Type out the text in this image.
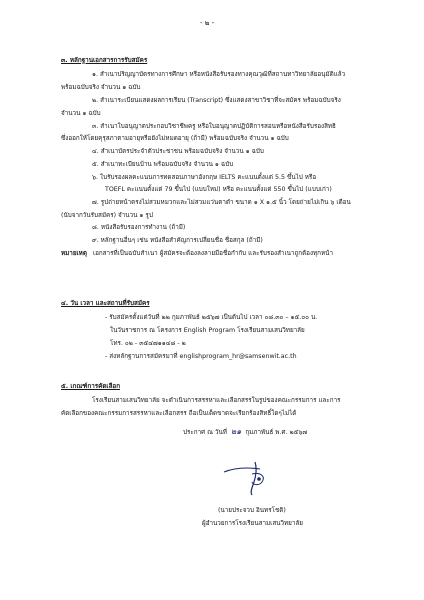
- ๒ -
๓. หลักฐานเอกสารการรับสมัคร
๑. สำเนาปริญญาบัตรทางการศึกษา หรือหนังสือรับรองทางคุณวุฒิที่สถานทาวิทยาลัยอนุมัติแล้ว
พร้อมฉบับจริง จำนวน ๑ ฉบับ
๒. สำเนาระเบียนแสดงผลการเรียน (Transcript) ซึ่งแสดงสาขาวิชาที่จะสมัคร พร้อมฉบับจริง
จำนวน ๑ ฉบับ
๓. สำเนาใบอนุญาตประกอบวิชาชีพครู หรือใบอนุญาตปฏิบัติการสอนหรือหนังสือรับรองสิทธิ
ซึ่งออกให้โดยคุรุสภาตามอายุหรือยังไม่หมดอายุ (ถ้ามี) พร้อมฉบับจริง จำนวน ๑ ฉบับ
๔. สำเนาบัตรประจำตัวประชาชน พร้อมฉบับจริง จำนวน ๑ ฉบับ
๕. สำเนาทะเบียนบ้าน พร้อมฉบับจริง จำนวน ๑ ฉบับ
๖. ใบรับรองผลคะแนนการทดสอบภาษาอังกฤษ IELTS คะแนนตั้งแต่ 5.5 ขึ้นไป หรือ
TOEFL คะแนนตั้งแต่ 79 ขึ้นไป (แบบใหม่) หรือ คะแนนตั้งแต่ 550 ขึ้นไป (แบบเก่า)
๗. รูปถ่ายหน้าตรงไม่สวมหมวกและไม่สวมแว่นตาดำ ขนาด ๑ X ๑.๕ นิ้ว โดยถ่ายไม่เกิน ๖ เดือน
(นับจากวันรับสมัคร) จำนวน ๑ รูป
๘. หนังสือรับรองการทำงาน (ถ้ามี)
๙. หลักฐานอื่นๆ เช่น หนังสือสำคัญการเปลี่ยนชื่อ ชื่อสกุล (ถ้ามี)
หมายเหตุ เอกสารที่เป็นฉบับสำเนา ผู้สมัครจะต้องลงลายมือชื่อกำกับ และรับรองสำเนาถูกต้องทุกหน้า
๔. วัน เวลา และสถานที่รับสมัคร
- รับสมัครตั้งแต่วันที่ ๒๒ กุมภาพันธ์ ๒๕๖๗ เป็นต้นไป เวลา ๐๘.๓๐ – ๑๕.๐๐ น.
ในวันราชการ ณ โครงการ English Program โรงเรียนสามเสนวิทยาลัย
โทร. ๐๒ - ๓๕๔๗๑๑๔๘ - ๒
- ส่งหลักฐานการสมัครมาที่ englishprogram_hr@samsenwit.ac.th
๕. เกณฑ์การคัดเลือก
โรงเรียนสามเสนวิทยาลัย จะดำเนินการสรรหาและเลือกสรรในรูปของคณะกรรมการ และการ
คัดเลือกของคณะกรรมการสรรหาและเลือกสรร ถือเป็นเด็ดขาดจะเรียกร้องสิทธิ์ใดๆไม่ได้
ประกาศ ณ วันที่ ๒๑ กุมภาพันธ์ พ.ศ. ๒๕๖๗
(นายประจวบ อินทรโชติ)
ผู้อำนวยการโรงเรียนสามเสนวิทยาลัย
